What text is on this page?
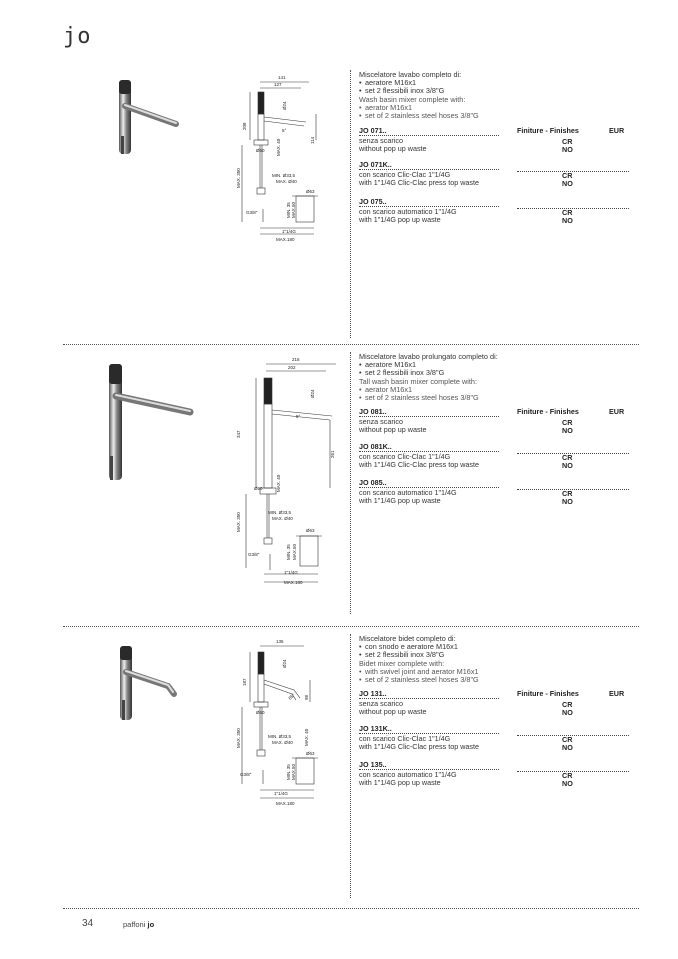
jo
141
127
Ø24
5°
208
114
Ø50	MAX. 40
MAX. 350	MIN. Ø33,5
MAX. Ø40
G3/8"
Ø63
MIN. 35 MAX.50
1"1/4G
MAX.180
Miscelatore lavabo completo di:
• aeratore M16x1
• set 2 flessibili inox 3/8"G
Wash basin mixer complete with:
• aerator M16x1
• set of 2 stainless steel hoses 3/8"G
Finiture - Finishes	EUR
JO 071..
senza scarico
without pop up waste
CR
NO
JO 071K..
con scarico Clic-Clac 1"1/4G
with 1"1/4G Clic-Clac press top waste
CR
NO
JO 075..
con scarico automatico 1"1/4G
with 1"1/4G pop up waste
CR
NO
216
202
Ø24
5°
347
261
Ø50	MAX. 40
MAX. 350	MIN. Ø33,5
MAX. Ø40
G3/8"
Ø63
MIN. 35 MAX.50
1"1/4G
MAX.180
Miscelatore lavabo prolungato completo di:
• aeratore M16x1
• set 2 flessibili inox 3/8"G
Tall wash basin mixer complete with:
• aerator M16x1
• set of 2 stainless steel hoses 3/8"G
Finiture - Finishes	EUR
JO 081..
senza scarico
without pop up waste
CR
NO
JO 081K..
con scarico Clic-Clac 1"1/4G
with 1"1/4G Clic-Clac press top waste
CR
NO
JO 085..
con scarico automatico 1"1/4G
with 1"1/4G pop up waste
CR
NO
135
Ø24
65°
187
98
Ø50
MAX. 40
MAX. 350	MIN. Ø33,5
MAX. Ø40
G3/8"
Ø63
MIN. 35 MAX.50
1"1/4G
MAX.180
Miscelatore bidet completo di:
• con snodo e aeratore M16x1
• set 2 flessibili inox 3/8"G
Bidet mixer complete with:
• with swivel joint and aerator M16x1
• set of 2 stainless steel hoses 3/8"G
Finiture - Finishes	EUR
JO 131..
senza scarico
without pop up waste
CR
NO
JO 131K..
con scarico Clic-Clac 1"1/4G
with 1"1/4G Clic-Clac press top waste
CR
NO
JO 135..
con scarico automatico 1"1/4G
with 1"1/4G pop up waste
CR
NO
34	paffoni jo
